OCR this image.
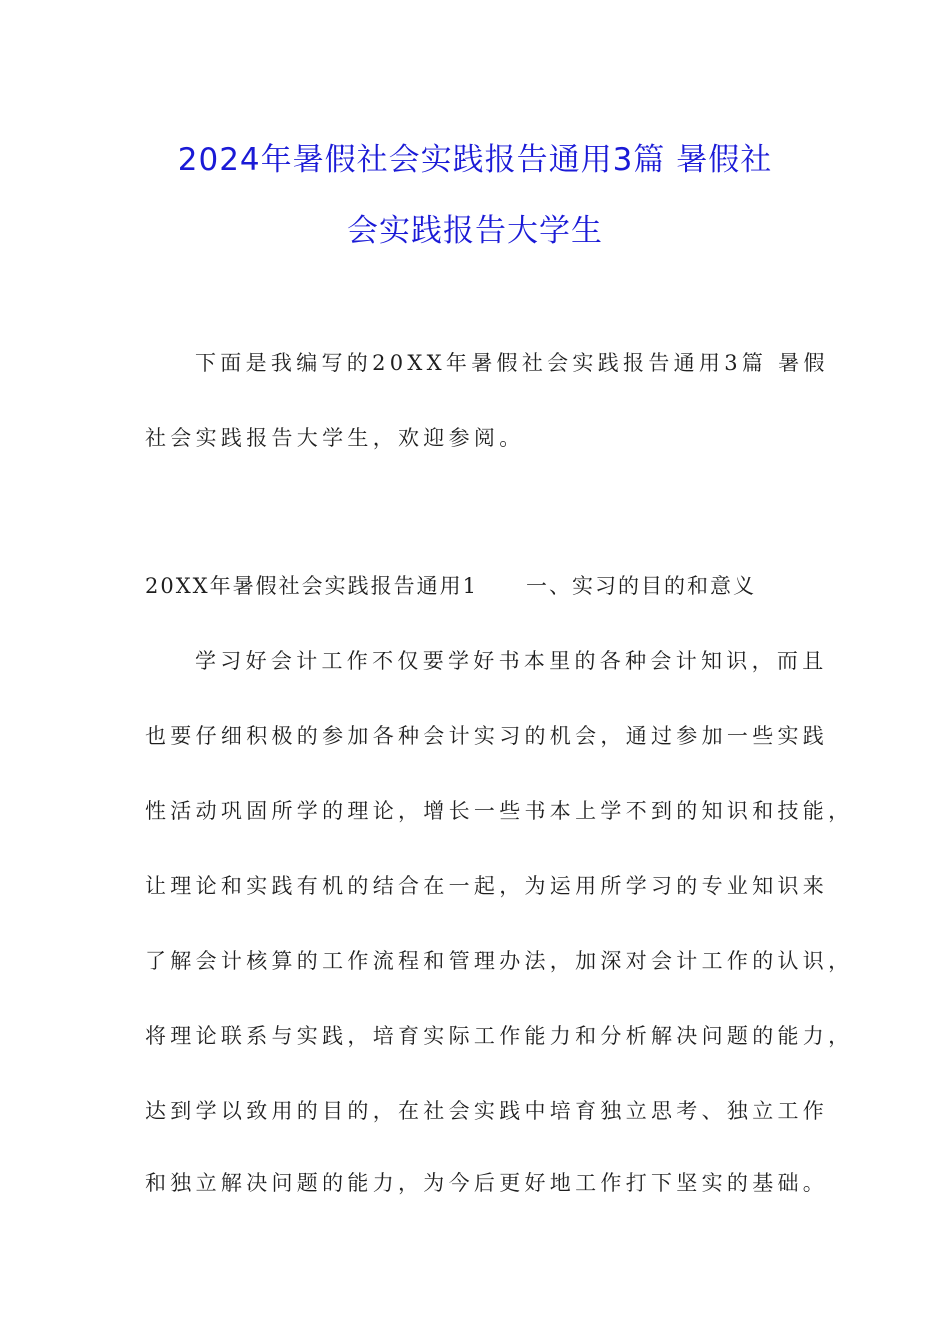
2024年暑假社会实践报告通用3篇 暑假社
会实践报告大学生
下面是我编写的20XX年暑假社会实践报告通用3篇 暑假
社会实践报告大学生，欢迎参阅。
20XX年暑假社会实践报告通用1 一、实习的目的和意义
学习好会计工作不仅要学好书本里的各种会计知识，而且
也要仔细积极的参加各种会计实习的机会，通过参加一些实践
性活动巩固所学的理论，增长一些书本上学不到的知识和技能，
让理论和实践有机的结合在一起，为运用所学习的专业知识来
了解会计核算的工作流程和管理办法，加深对会计工作的认识，
将理论联系与实践，培育实际工作能力和分析解决问题的能力，
达到学以致用的目的，在社会实践中培育独立思考、独立工作
和独立解决问题的能力，为今后更好地工作打下坚实的基础。
